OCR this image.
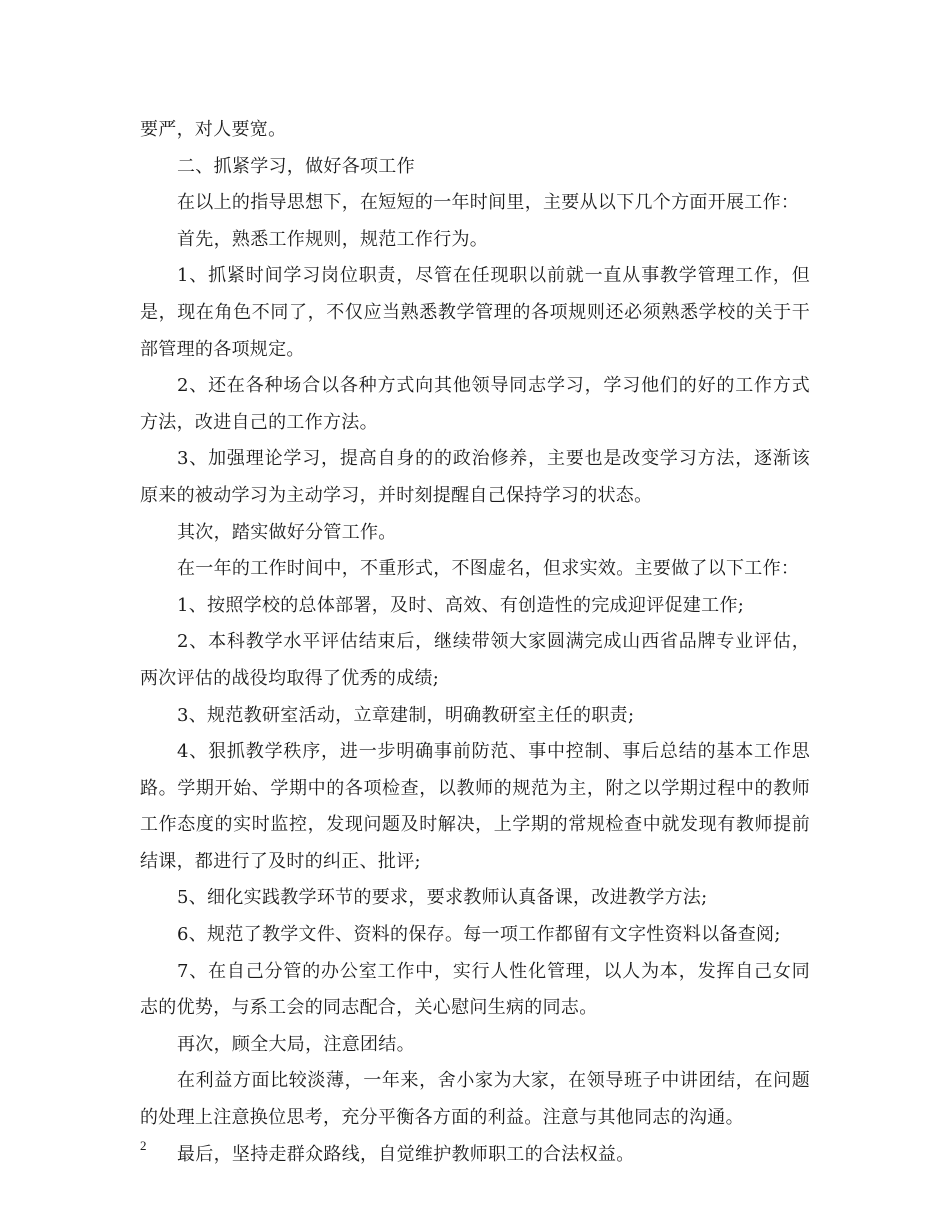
要严，对人要宽。

二、抓紧学习，做好各项工作

在以上的指导思想下，在短短的一年时间里，主要从以下几个方面开展工作：

首先，熟悉工作规则，规范工作行为。

1、抓紧时间学习岗位职责，尽管在任现职以前就一直从事教学管理工作，但是，现在角色不同了，不仅应当熟悉教学管理的各项规则还必须熟悉学校的关于干部管理的各项规定。

2、还在各种场合以各种方式向其他领导同志学习，学习他们的好的工作方式方法，改进自己的工作方法。

3、加强理论学习，提高自身的的政治修养，主要也是改变学习方法，逐渐该原来的被动学习为主动学习，并时刻提醒自己保持学习的状态。

其次，踏实做好分管工作。

在一年的工作时间中，不重形式，不图虚名，但求实效。主要做了以下工作：

1、按照学校的总体部署，及时、高效、有创造性的完成迎评促建工作;

2、本科教学水平评估结束后，继续带领大家圆满完成山西省品牌专业评估，两次评估的战役均取得了优秀的成绩;

3、规范教研室活动，立章建制，明确教研室主任的职责;

4、狠抓教学秩序，进一步明确事前防范、事中控制、事后总结的基本工作思路。学期开始、学期中的各项检查，以教师的规范为主，附之以学期过程中的教师工作态度的实时监控，发现问题及时解决，上学期的常规检查中就发现有教师提前结课，都进行了及时的纠正、批评;

5、细化实践教学环节的要求，要求教师认真备课，改进教学方法;

6、规范了教学文件、资料的保存。每一项工作都留有文字性资料以备查阅;

7、在自己分管的办公室工作中，实行人性化管理，以人为本，发挥自己女同志的优势，与系工会的同志配合，关心慰问生病的同志。

再次，顾全大局，注意团结。

在利益方面比较淡薄，一年来，舍小家为大家，在领导班子中讲团结，在问题的处理上注意换位思考，充分平衡各方面的利益。注意与其他同志的沟通。

最后，坚持走群众路线，自觉维护教师职工的合法权益。

2
